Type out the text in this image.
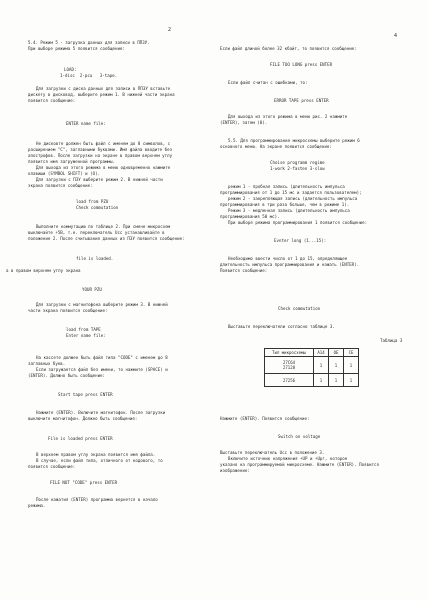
2
5.4. Режим 5 - загрузка данных для записи в ППЗУ.
При выборе режима 5 появится сообщение:
LOAD:
1-disc  2-pcu   3-tape.
Для загрузки с диска данных для записи в ППЗУ вставьте
дискету в дисковод, выберите режим 1. В нижней части экрана
появится сообщение:
ENTER name file:
Не дисковте должен быть файл с именем до 8 символов, с
расширением "C", заглавными буквами. Имя файла вводите без
апострофов. После загрузки на экране в правом верхнем углу
появится имя загруженной программы.
Для выхода из этого режима в меню одновременно нажмите
клавиши (SYMBOL SHIFT) и (O).
Для загрузки с ПЗУ выберите режим 2. В нижней части
экрана появится сообщение:
load from PZU
Check commutation
Выполните коммутацию по таблице 2. При смене микросхем
выключайте +5В, т.е. переключатель Ucc устанавливайте в
положение 2. После считывания данных из ПЗУ появится сообщение:
file is loaded.
а в правом верхнем углу экрана
YOUR PZU
Для загрузки с магнитофона выберите режим 3. В нижней
части экрана появится сообщение:
load from TAPE
Enter name file:
На кассете должен быть файл типа "CODE" с именем до 8
заглавных букв.
Если загружается файл без имени, то нажмите (SPACE) и
(ENTER). Должно быть сообщение:
Start tape press ENTER
Нажмите (ENTER). Включите магнитофон. После загрузки
выключите магнитофон. Должно быть сообщение:
File is loaded press ENTER
В верхнем правом углу экрана появится имя файла.
В случае, если файл типа, отличного от кодового, то
появится сообщение:
FILE NOT "CODE" press ENTER
После нажатия (ENTER) программа вернется в начало
режима.
4
Если файл длиной более 32 кбайт, то появится сообщение:
FILE TOO LONG press ENTER
Если файл считан с ошибками, то:
ERROR TAPE press ENTER
Для выхода из этого режима в меню рис. 2 нажмите
(ENTER), затем (0).
5.5. Для программирования микросхемы выберите режим 6
основного меню. На экране появится сообщение:
Choise programm regime
1-work 2-fasten 3-slow
режим 1 - пробная запись (длительность импульса
программирования от 1 до 15 мс и задается пользователем);
режим 2 - закрепляющая запись (длительность импульса
программирования в три раза больше, чем в режиме 1).
Режим 3 - медленная запись (длительность импульса
программирования 50 мс).
При выборе режима программирования 1 появится сообщение:
Evnter long (1...15):
Необходимо ввести число от 1 до 15, определяющее
длительность импульса программирования и нажать (ENTER).
Появится сообщение:
Check commutation
Выставьте переключатели согласно таблице 3.
Таблица 3
Тип микросхемы	A14	OE	CE
27С64
27128	1	1	1
27256	1	1	1
Нажмите (ENTER). Появится сообщение:
Switch on voltage
Выставьте переключатель Ucc в положение 3.
Включите источник напряжения +UР и +Uрг, которое
указано на программируемой микросхеме. Нажмите (ENTER). Появится
изображение:
